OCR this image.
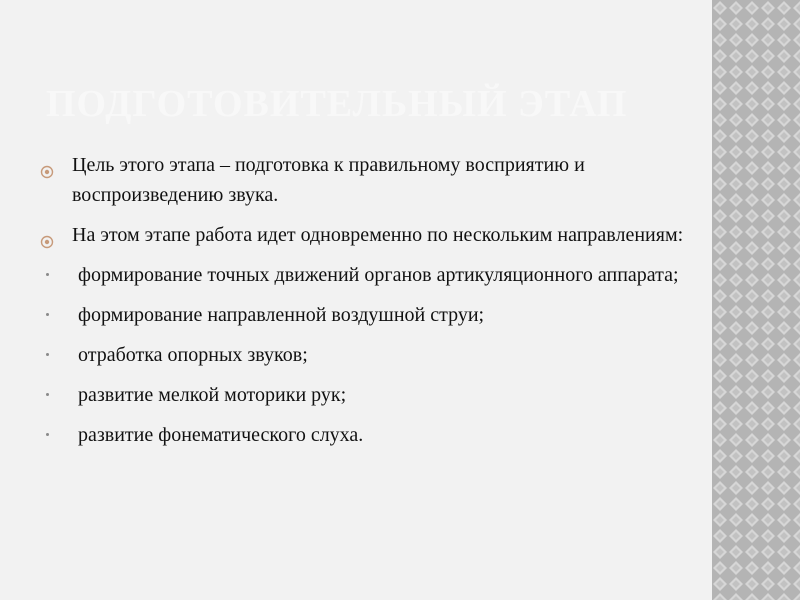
ПОДГОТОВИТЕЛЬНЫЙ ЭТАП
Цель этого этапа – подготовка к правильному восприятию и воспроизведению звука.
На этом этапе работа идет одновременно по нескольким направлениям:
формирование точных движений органов артикуляционного аппарата;
формирование направленной воздушной струи;
отработка опорных звуков;
развитие мелкой моторики рук;
развитие фонематического слуха.
